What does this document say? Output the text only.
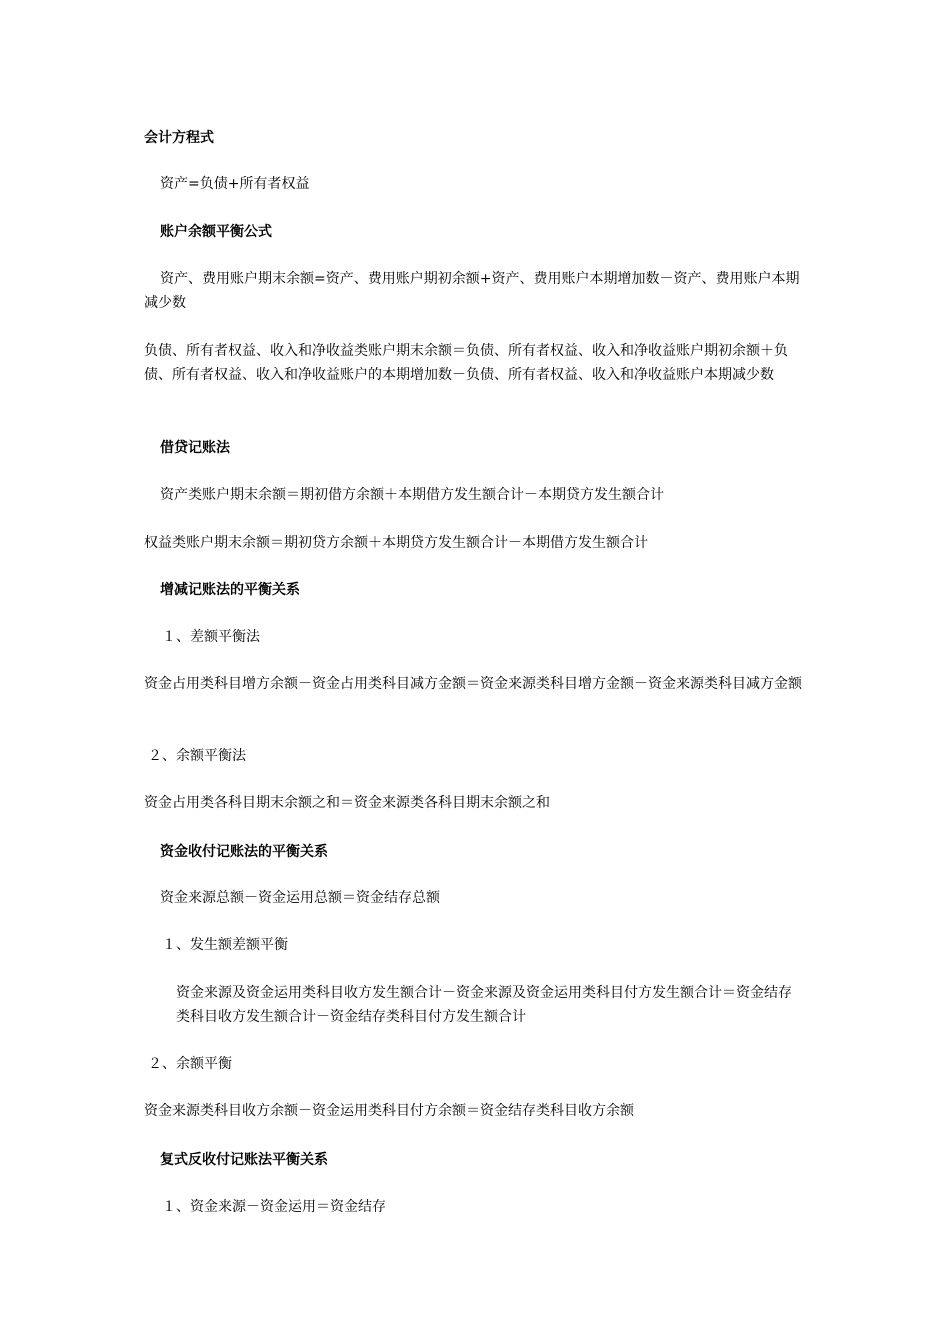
会计方程式

资产=负债+所有者权益

账户余额平衡公式

资产、费用账户期末余额=资产、费用账户期初余额+资产、费用账户本期增加数－资产、费用账户本期减少数

负债、所有者权益、收入和净收益类账户期末余额＝负债、所有者权益、收入和净收益账户期初余额＋负债、所有者权益、收入和净收益账户的本期增加数－负债、所有者权益、收入和净收益账户本期减少数

借贷记账法

资产类账户期末余额＝期初借方余额＋本期借方发生额合计－本期贷方发生额合计

权益类账户期末余额＝期初贷方余额＋本期贷方发生额合计－本期借方发生额合计

增减记账法的平衡关系

１、差额平衡法

资金占用类科目增方余额－资金占用类科目减方金额＝资金来源类科目增方金额－资金来源类科目减方金额

２、余额平衡法

资金占用类各科目期末余额之和＝资金来源类各科目期末余额之和

资金收付记账法的平衡关系

资金来源总额－资金运用总额＝资金结存总额

１、发生额差额平衡

资金来源及资金运用类科目收方发生额合计－资金来源及资金运用类科目付方发生额合计＝资金结存类科目收方发生额合计－资金结存类科目付方发生额合计

２、余额平衡

资金来源类科目收方余额－资金运用类科目付方余额＝资金结存类科目收方余额

复式反收付记账法平衡关系

１、资金来源－资金运用＝资金结存
